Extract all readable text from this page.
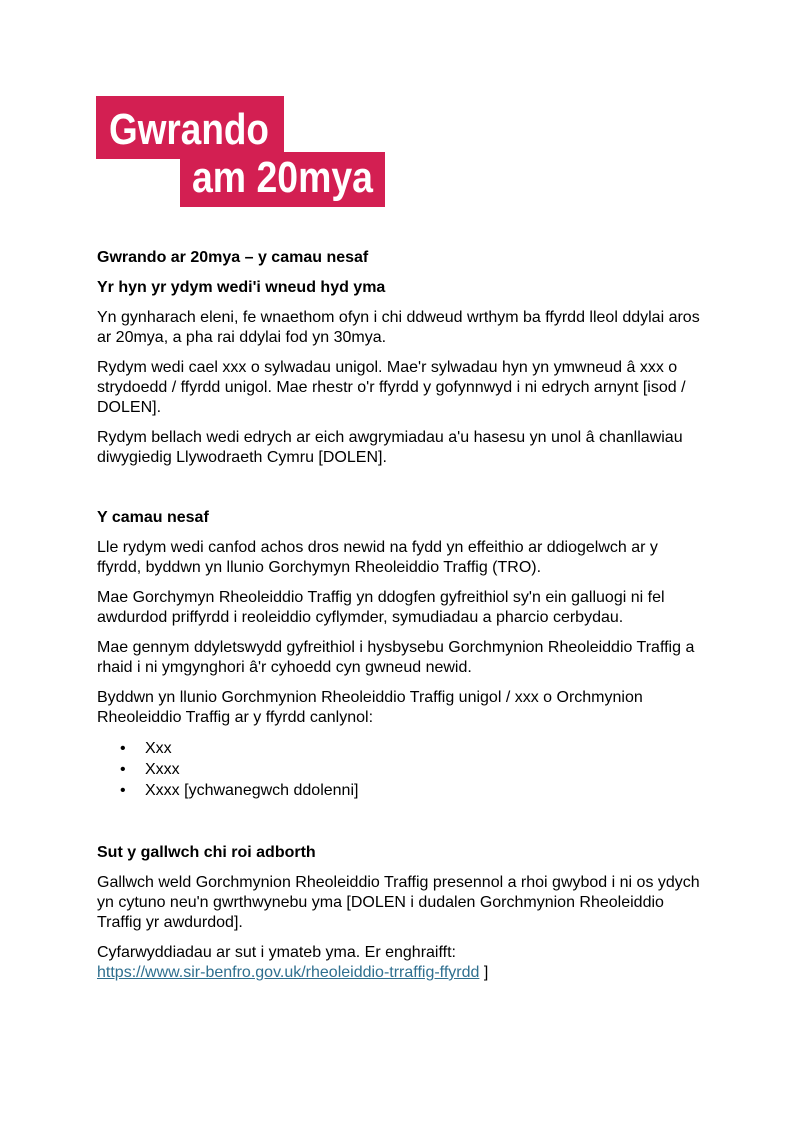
Gwrando
am 20mya
Gwrando ar 20mya – y camau nesaf
Yr hyn yr ydym wedi'i wneud hyd yma

Yn gynharach eleni, fe wnaethom ofyn i chi ddweud wrthym ba ffyrdd lleol ddylai aros ar 20mya, a pha rai ddylai fod yn 30mya.

Rydym wedi cael xxx o sylwadau unigol. Mae'r sylwadau hyn yn ymwneud â xxx o strydoedd / ffyrdd unigol. Mae rhestr o'r ffyrdd y gofynnwyd i ni edrych arnynt [isod / DOLEN].

Rydym bellach wedi edrych ar eich awgrymiadau a'u hasesu yn unol â chanllawiau diwygiedig Llywodraeth Cymru [DOLEN].

Y camau nesaf

Lle rydym wedi canfod achos dros newid na fydd yn effeithio ar ddiogelwch ar y ffyrdd, byddwn yn llunio Gorchymyn Rheoleiddio Traffig (TRO).

Mae Gorchymyn Rheoleiddio Traffig yn ddogfen gyfreithiol sy'n ein galluogi ni fel awdurdod priffyrdd i reoleiddio cyflymder, symudiadau a pharcio cerbydau.

Mae gennym ddyletswydd gyfreithiol i hysbysebu Gorchmynion Rheoleiddio Traffig a rhaid i ni ymgynghori â'r cyhoedd cyn gwneud newid.

Byddwn yn llunio Gorchmynion Rheoleiddio Traffig unigol / xxx o Orchmynion Rheoleiddio Traffig ar y ffyrdd canlynol:

• Xxx
• Xxxx
• Xxxx [ychwanegwch ddolenni]
Sut y gallwch chi roi adborth

Gallwch weld Gorchmynion Rheoleiddio Traffig presennol a rhoi gwybod i ni os ydych yn cytuno neu'n gwrthwynebu yma [DOLEN i dudalen Gorchmynion Rheoleiddio Traffig yr awdurdod].

Cyfarwyddiadau ar sut i ymateb yma. Er enghraifft:
https://www.sir-benfro.gov.uk/rheoleiddio-trraffig-ffyrdd ]
